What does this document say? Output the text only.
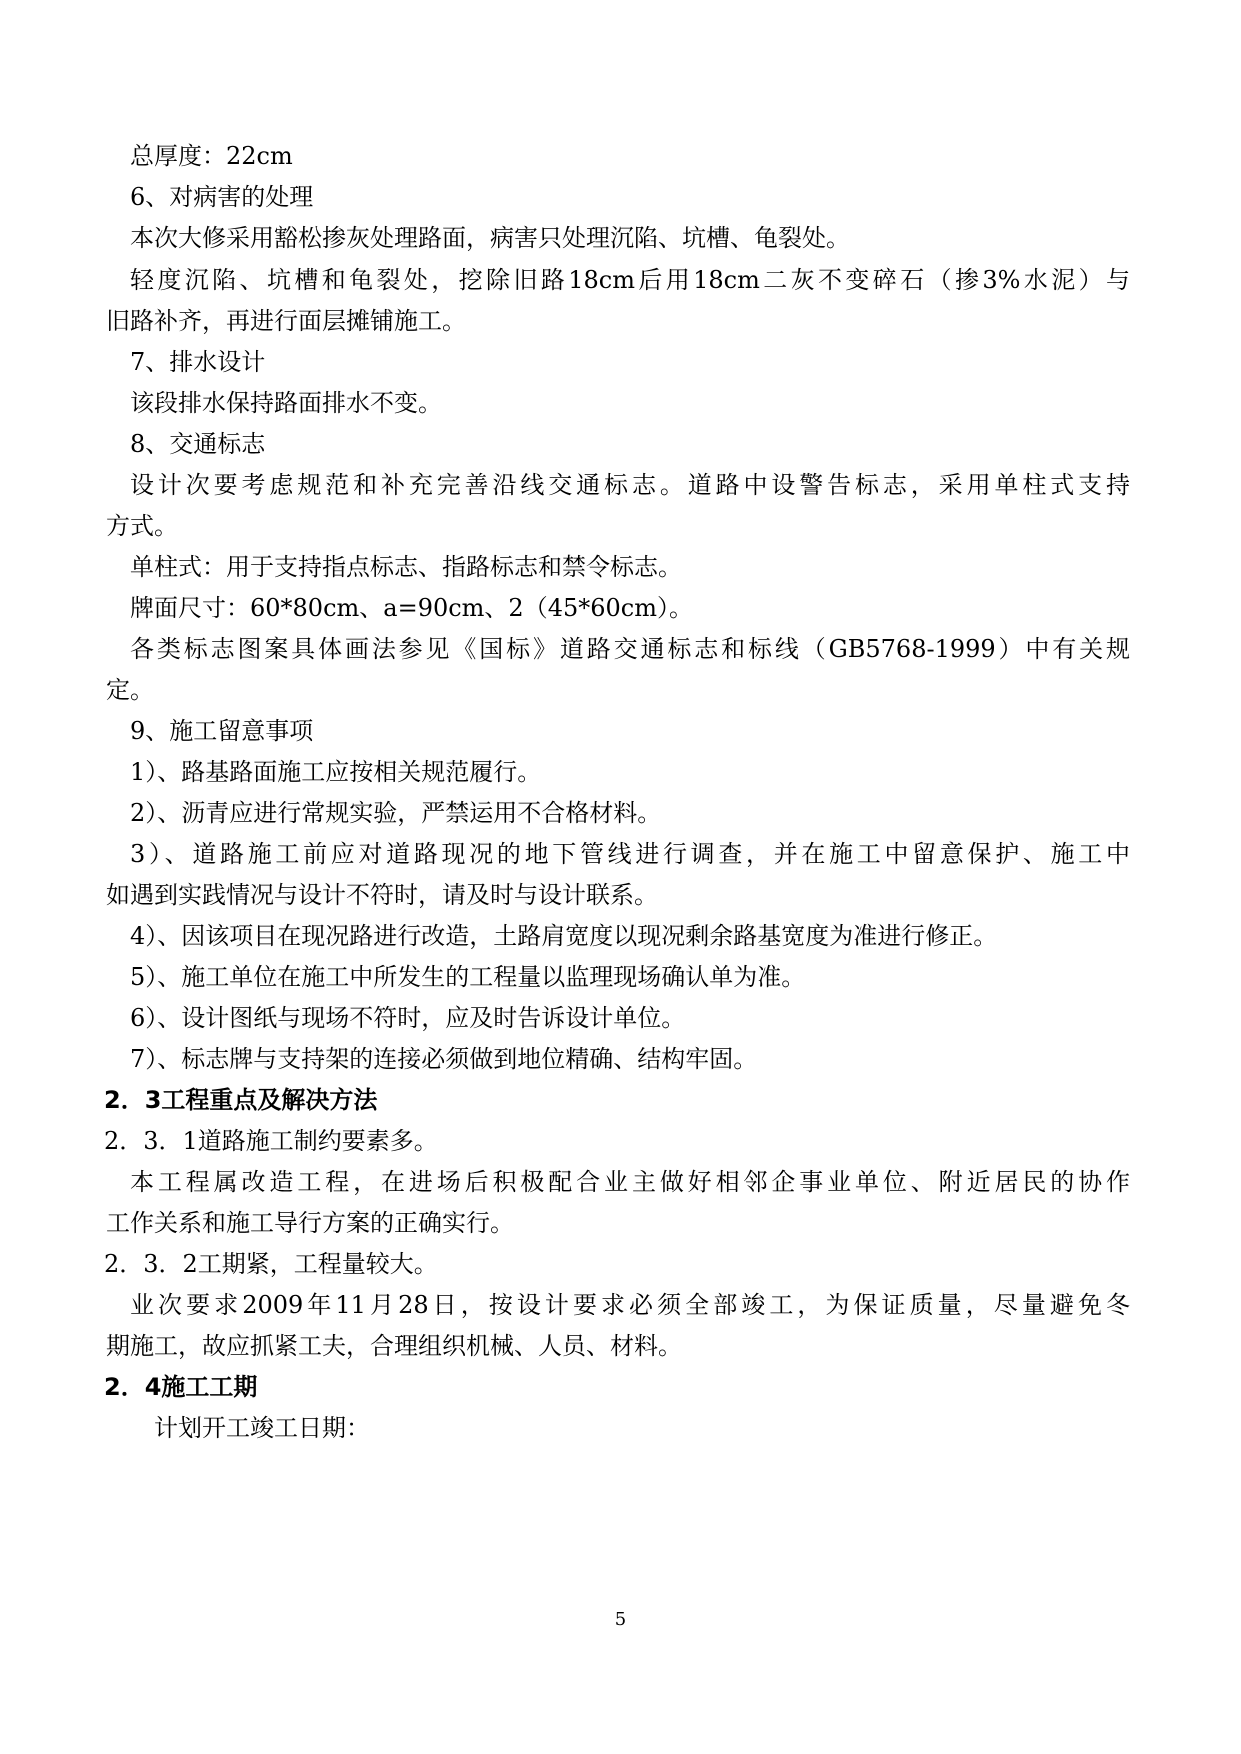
总厚度：22cm
6、对病害的处理
本次大修采用豁松掺灰处理路面，病害只处理沉陷、坑槽、龟裂处。
轻度沉陷、坑槽和龟裂处，挖除旧路18cm后用18cm二灰不变碎石（掺3%水泥）与
旧路补齐，再进行面层摊铺施工。
7、排水设计
该段排水保持路面排水不变。
8、交通标志
设计次要考虑规范和补充完善沿线交通标志。道路中设警告标志，采用单柱式支持
方式。
单柱式：用于支持指点标志、指路标志和禁令标志。
牌面尺寸：60*80cm、a=90cm、2（45*60cm）。
各类标志图案具体画法参见《国标》道路交通标志和标线（GB5768-1999）中有关规
定。
9、施工留意事项
1）、路基路面施工应按相关规范履行。
2）、沥青应进行常规实验，严禁运用不合格材料。
3）、道路施工前应对道路现况的地下管线进行调查，并在施工中留意保护、施工中
如遇到实践情况与设计不符时，请及时与设计联系。
4）、因该项目在现况路进行改造，土路肩宽度以现况剩余路基宽度为准进行修正。
5）、施工单位在施工中所发生的工程量以监理现场确认单为准。
6）、设计图纸与现场不符时，应及时告诉设计单位。
7）、标志牌与支持架的连接必须做到地位精确、结构牢固。
2．3工程重点及解决方法
2．3．1道路施工制约要素多。
本工程属改造工程，在进场后积极配合业主做好相邻企事业单位、附近居民的协作
工作关系和施工导行方案的正确实行。
2．3．2工期紧，工程量较大。
业次要求2009年11月28日，按设计要求必须全部竣工，为保证质量，尽量避免冬
期施工，故应抓紧工夫，合理组织机械、人员、材料。
2．4施工工期
计划开工竣工日期：
5
